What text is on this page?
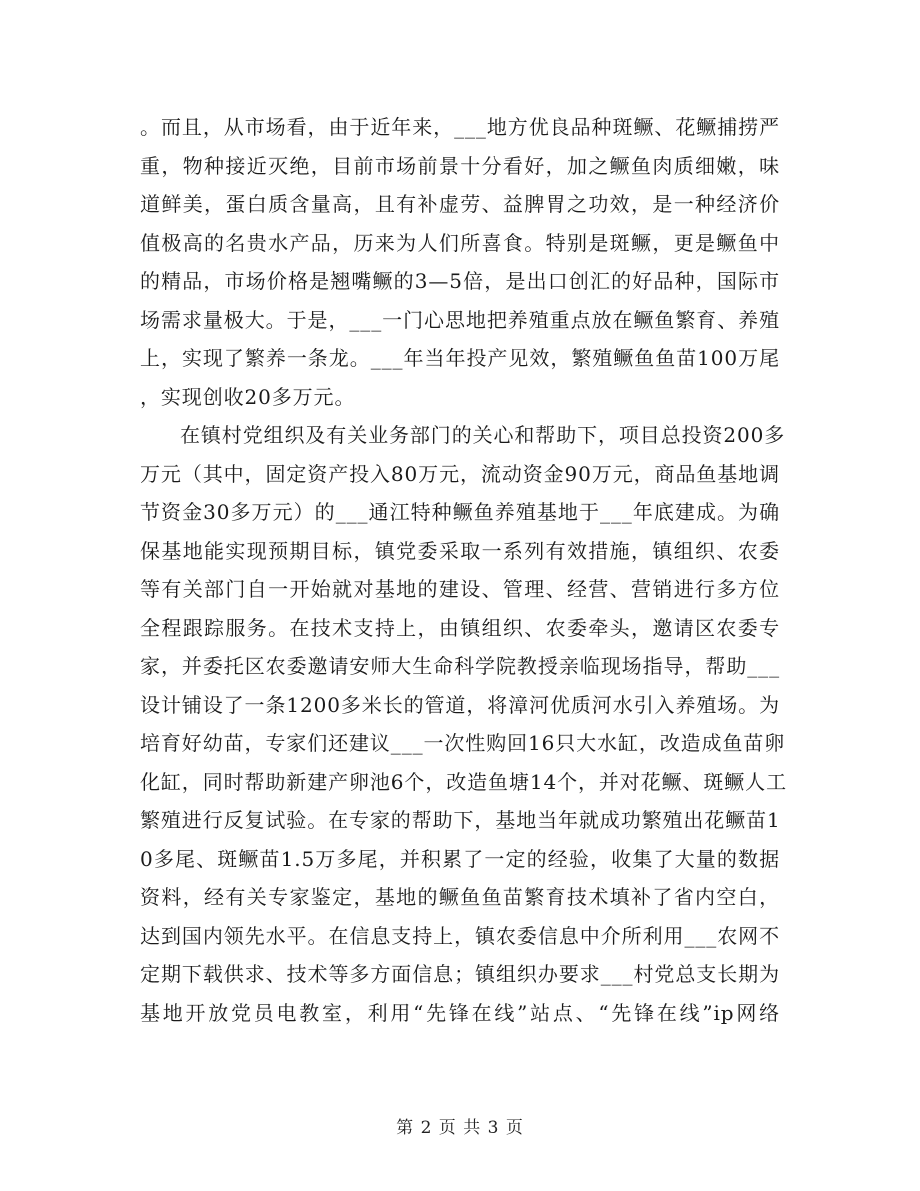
。而且，从市场看，由于近年来，___地方优良品种斑鳜、花鳜捕捞严
重，物种接近灭绝，目前市场前景十分看好，加之鳜鱼肉质细嫩，味
道鲜美，蛋白质含量高，且有补虚劳、益脾胃之功效，是一种经济价
值极高的名贵水产品，历来为人们所喜食。特别是斑鳜，更是鳜鱼中
的精品，市场价格是翘嘴鳜的3—5倍，是出口创汇的好品种，国际市
场需求量极大。于是，___一门心思地把养殖重点放在鳜鱼繁育、养殖
上，实现了繁养一条龙。___年当年投产见效，繁殖鳜鱼鱼苗100万尾
，实现创收20多万元。
在镇村党组织及有关业务部门的关心和帮助下，项目总投资200多
万元（其中，固定资产投入80万元，流动资金90万元，商品鱼基地调
节资金30多万元）的___通江特种鳜鱼养殖基地于___年底建成。为确
保基地能实现预期目标，镇党委采取一系列有效措施，镇组织、农委
等有关部门自一开始就对基地的建设、管理、经营、营销进行多方位
全程跟踪服务。在技术支持上，由镇组织、农委牵头，邀请区农委专
家，并委托区农委邀请安师大生命科学院教授亲临现场指导，帮助___
设计铺设了一条1200多米长的管道，将漳河优质河水引入养殖场。为
培育好幼苗，专家们还建议___一次性购回16只大水缸，改造成鱼苗卵
化缸，同时帮助新建产卵池6个，改造鱼塘14个，并对花鳜、斑鳜人工
繁殖进行反复试验。在专家的帮助下，基地当年就成功繁殖出花鳜苗1
0多尾、斑鳜苗1.5万多尾，并积累了一定的经验，收集了大量的数据
资料，经有关专家鉴定，基地的鳜鱼鱼苗繁育技术填补了省内空白，
达到国内领先水平。在信息支持上，镇农委信息中介所利用___农网不
定期下载供求、技术等多方面信息；镇组织办要求___村党总支长期为
基地开放党员电教室，利用“先锋在线”站点、“先锋在线”ip网络
第 2 页 共 3 页
